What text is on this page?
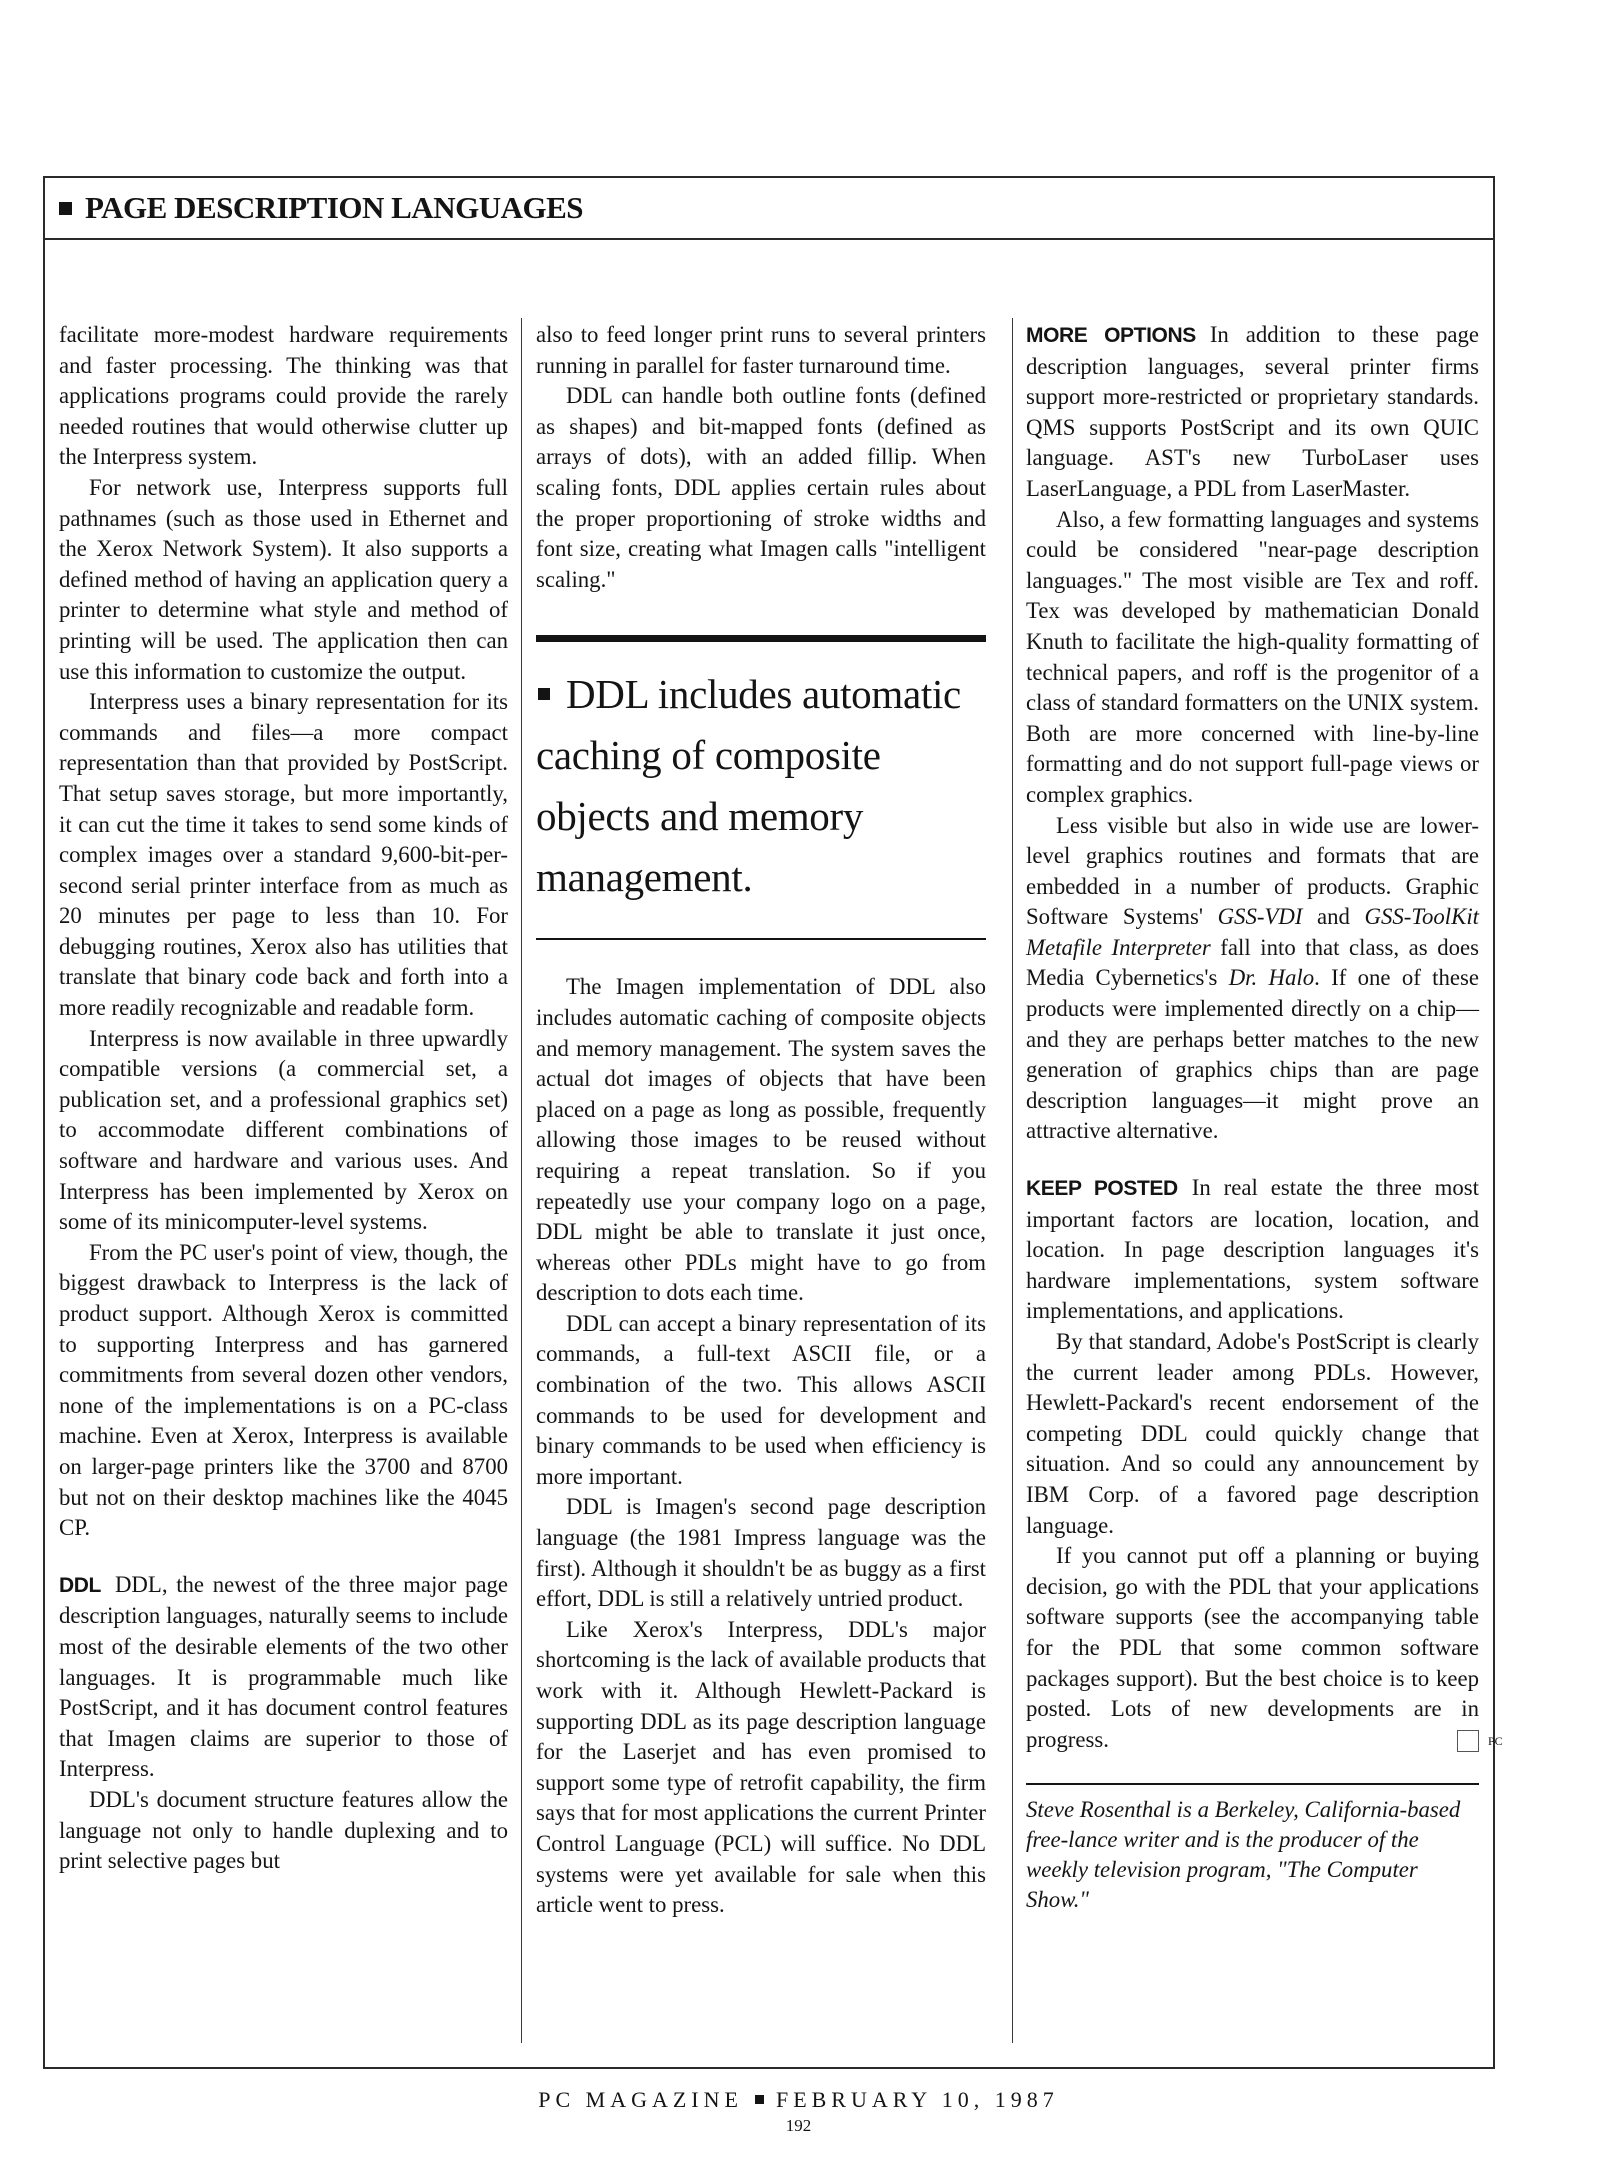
PAGE DESCRIPTION LANGUAGES

facilitate more-modest hardware requirements and faster processing. The thinking was that applications programs could provide the rarely needed routines that would otherwise clutter up the Interpress system.

For network use, Interpress supports full pathnames (such as those used in Ethernet and the Xerox Network System). It also supports a defined method of having an application query a printer to determine what style and method of printing will be used. The application then can use this information to customize the output.

Interpress uses a binary representation for its commands and files—a more compact representation than that provided by PostScript. That setup saves storage, but more importantly, it can cut the time it takes to send some kinds of complex images over a standard 9,600-bit-per-second serial printer interface from as much as 20 minutes per page to less than 10. For debugging routines, Xerox also has utilities that translate that binary code back and forth into a more readily recognizable and readable form.

Interpress is now available in three upwardly compatible versions (a commercial set, a publication set, and a professional graphics set) to accommodate different combinations of software and hardware and various uses. And Interpress has been implemented by Xerox on some of its minicomputer-level systems.

From the PC user's point of view, though, the biggest drawback to Interpress is the lack of product support. Although Xerox is committed to supporting Interpress and has garnered commitments from several dozen other vendors, none of the implementations is on a PC-class machine. Even at Xerox, Interpress is available on larger-page printers like the 3700 and 8700 but not on their desktop machines like the 4045 CP.

DDL DDL, the newest of the three major page description languages, naturally seems to include most of the desirable elements of the two other languages. It is programmable much like PostScript, and it has document control features that Imagen claims are superior to those of Interpress.

DDL's document structure features allow the language not only to handle duplexing and to print selective pages but

also to feed longer print runs to several printers running in parallel for faster turnaround time.

DDL can handle both outline fonts (defined as shapes) and bit-mapped fonts (defined as arrays of dots), with an added fillip. When scaling fonts, DDL applies certain rules about the proper proportioning of stroke widths and font size, creating what Imagen calls "intelligent scaling."

DDL includes automatic caching of composite objects and memory management.

The Imagen implementation of DDL also includes automatic caching of composite objects and memory management. The system saves the actual dot images of objects that have been placed on a page as long as possible, frequently allowing those images to be reused without requiring a repeat translation. So if you repeatedly use your company logo on a page, DDL might be able to translate it just once, whereas other PDLs might have to go from description to dots each time.

DDL can accept a binary representation of its commands, a full-text ASCII file, or a combination of the two. This allows ASCII commands to be used for development and binary commands to be used when efficiency is more important.

DDL is Imagen's second page description language (the 1981 Impress language was the first). Although it shouldn't be as buggy as a first effort, DDL is still a relatively untried product.

Like Xerox's Interpress, DDL's major shortcoming is the lack of available products that work with it. Although Hewlett-Packard is supporting DDL as its page description language for the Laserjet and has even promised to support some type of retrofit capability, the firm says that for most applications the current Printer Control Language (PCL) will suffice. No DDL systems were yet available for sale when this article went to press.

MORE OPTIONS In addition to these page description languages, several printer firms support more-restricted or proprietary standards. QMS supports PostScript and its own QUIC language. AST's new TurboLaser uses LaserLanguage, a PDL from LaserMaster.

Also, a few formatting languages and systems could be considered "near-page description languages." The most visible are Tex and roff. Tex was developed by mathematician Donald Knuth to facilitate the high-quality formatting of technical papers, and roff is the progenitor of a class of standard formatters on the UNIX system. Both are more concerned with line-by-line formatting and do not support full-page views or complex graphics.

Less visible but also in wide use are lower-level graphics routines and formats that are embedded in a number of products. Graphic Software Systems' GSS-VDI and GSS-ToolKit Metafile Interpreter fall into that class, as does Media Cybernetics's Dr. Halo. If one of these products were implemented directly on a chip—and they are perhaps better matches to the new generation of graphics chips than are page description languages—it might prove an attractive alternative.

KEEP POSTED In real estate the three most important factors are location, location, and location. In page description languages it's hardware implementations, system software implementations, and applications.

By that standard, Adobe's PostScript is clearly the current leader among PDLs. However, Hewlett-Packard's recent endorsement of the competing DDL could quickly change that situation. And so could any announcement by IBM Corp. of a favored page description language.

If you cannot put off a planning or buying decision, go with the PDL that your applications software supports (see the accompanying table for the PDL that some common software packages support). But the best choice is to keep posted. Lots of new developments are in progress.	PC

Steve Rosenthal is a Berkeley, California-based free-lance writer and is the producer of the weekly television program, "The Computer Show."
PC MAGAZINE FEBRUARY 10, 1987
192
